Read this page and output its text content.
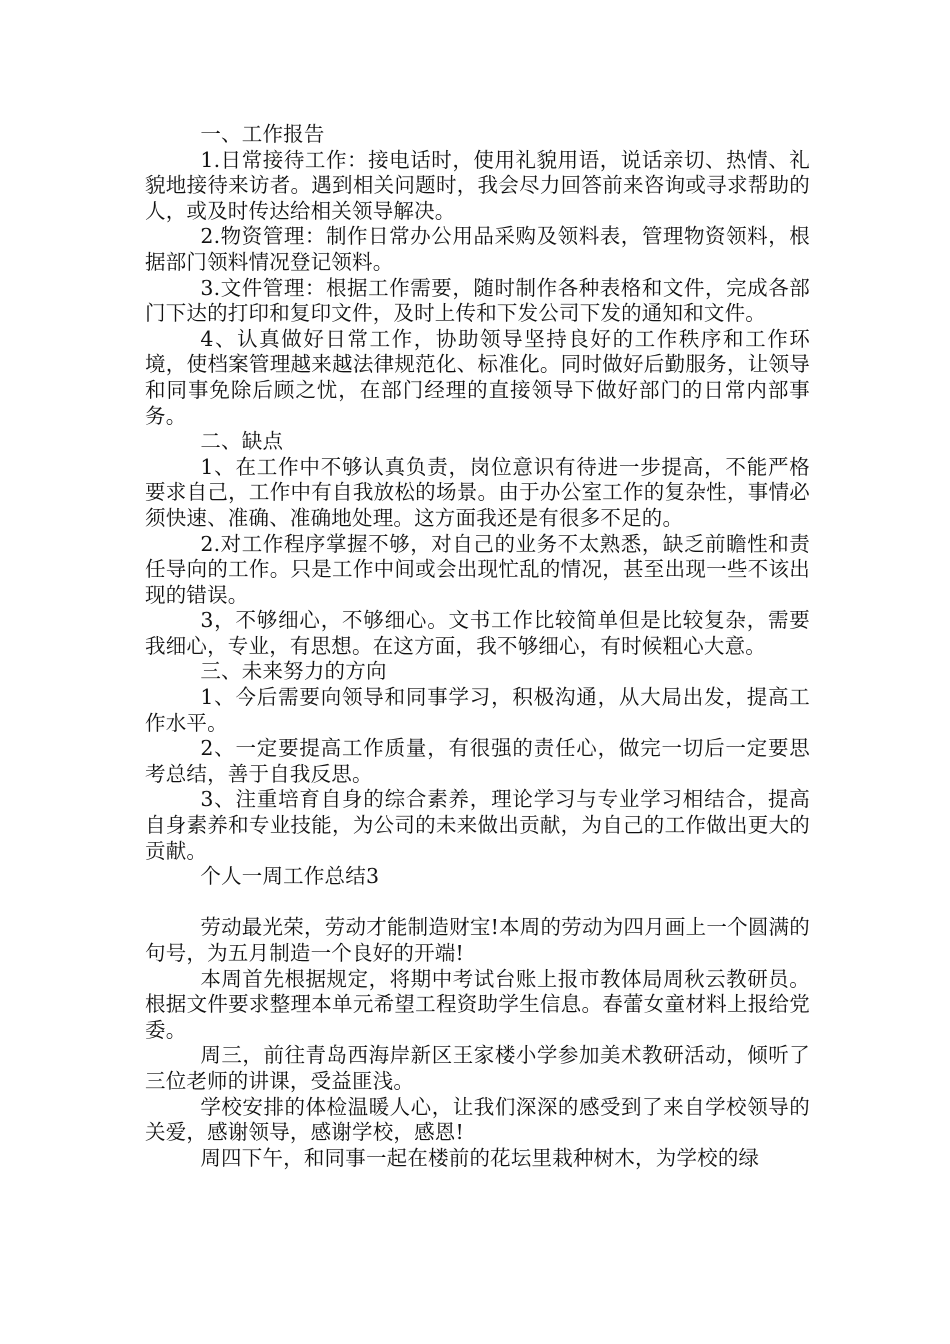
一、工作报告

1.日常接待工作：接电话时，使用礼貌用语，说话亲切、热情、礼貌地接待来访者。遇到相关问题时，我会尽力回答前来咨询或寻求帮助的人，或及时传达给相关领导解决。

2.物资管理：制作日常办公用品采购及领料表，管理物资领料，根据部门领料情况登记领料。

3.文件管理：根据工作需要，随时制作各种表格和文件，完成各部门下达的打印和复印文件，及时上传和下发公司下发的通知和文件。

4、认真做好日常工作，协助领导坚持良好的工作秩序和工作环境，使档案管理越来越法律规范化、标准化。同时做好后勤服务，让领导和同事免除后顾之忧，在部门经理的直接领导下做好部门的日常内部事务。

二、缺点

1、在工作中不够认真负责，岗位意识有待进一步提高，不能严格要求自己，工作中有自我放松的场景。由于办公室工作的复杂性，事情必须快速、准确、准确地处理。这方面我还是有很多不足的。

2.对工作程序掌握不够，对自己的业务不太熟悉，缺乏前瞻性和责任导向的工作。只是工作中间或会出现忙乱的情况，甚至出现一些不该出现的错误。

3，不够细心，不够细心。文书工作比较简单但是比较复杂，需要我细心，专业，有思想。在这方面，我不够细心，有时候粗心大意。

三、未来努力的方向

1、今后需要向领导和同事学习，积极沟通，从大局出发，提高工作水平。

2、一定要提高工作质量，有很强的责任心，做完一切后一定要思考总结，善于自我反思。

3、注重培育自身的综合素养，理论学习与专业学习相结合，提高自身素养和专业技能，为公司的未来做出贡献，为自己的工作做出更大的贡献。

个人一周工作总结3

劳动最光荣，劳动才能制造财宝!本周的劳动为四月画上一个圆满的句号，为五月制造一个良好的开端!

本周首先根据规定，将期中考试台账上报市教体局周秋云教研员。根据文件要求整理本单元希望工程资助学生信息。春蕾女童材料上报给党委。

周三，前往青岛西海岸新区王家楼小学参加美术教研活动，倾听了三位老师的讲课，受益匪浅。

学校安排的体检温暖人心，让我们深深的感受到了来自学校领导的关爱，感谢领导，感谢学校，感恩!

周四下午，和同事一起在楼前的花坛里栽种树木，为学校的绿
